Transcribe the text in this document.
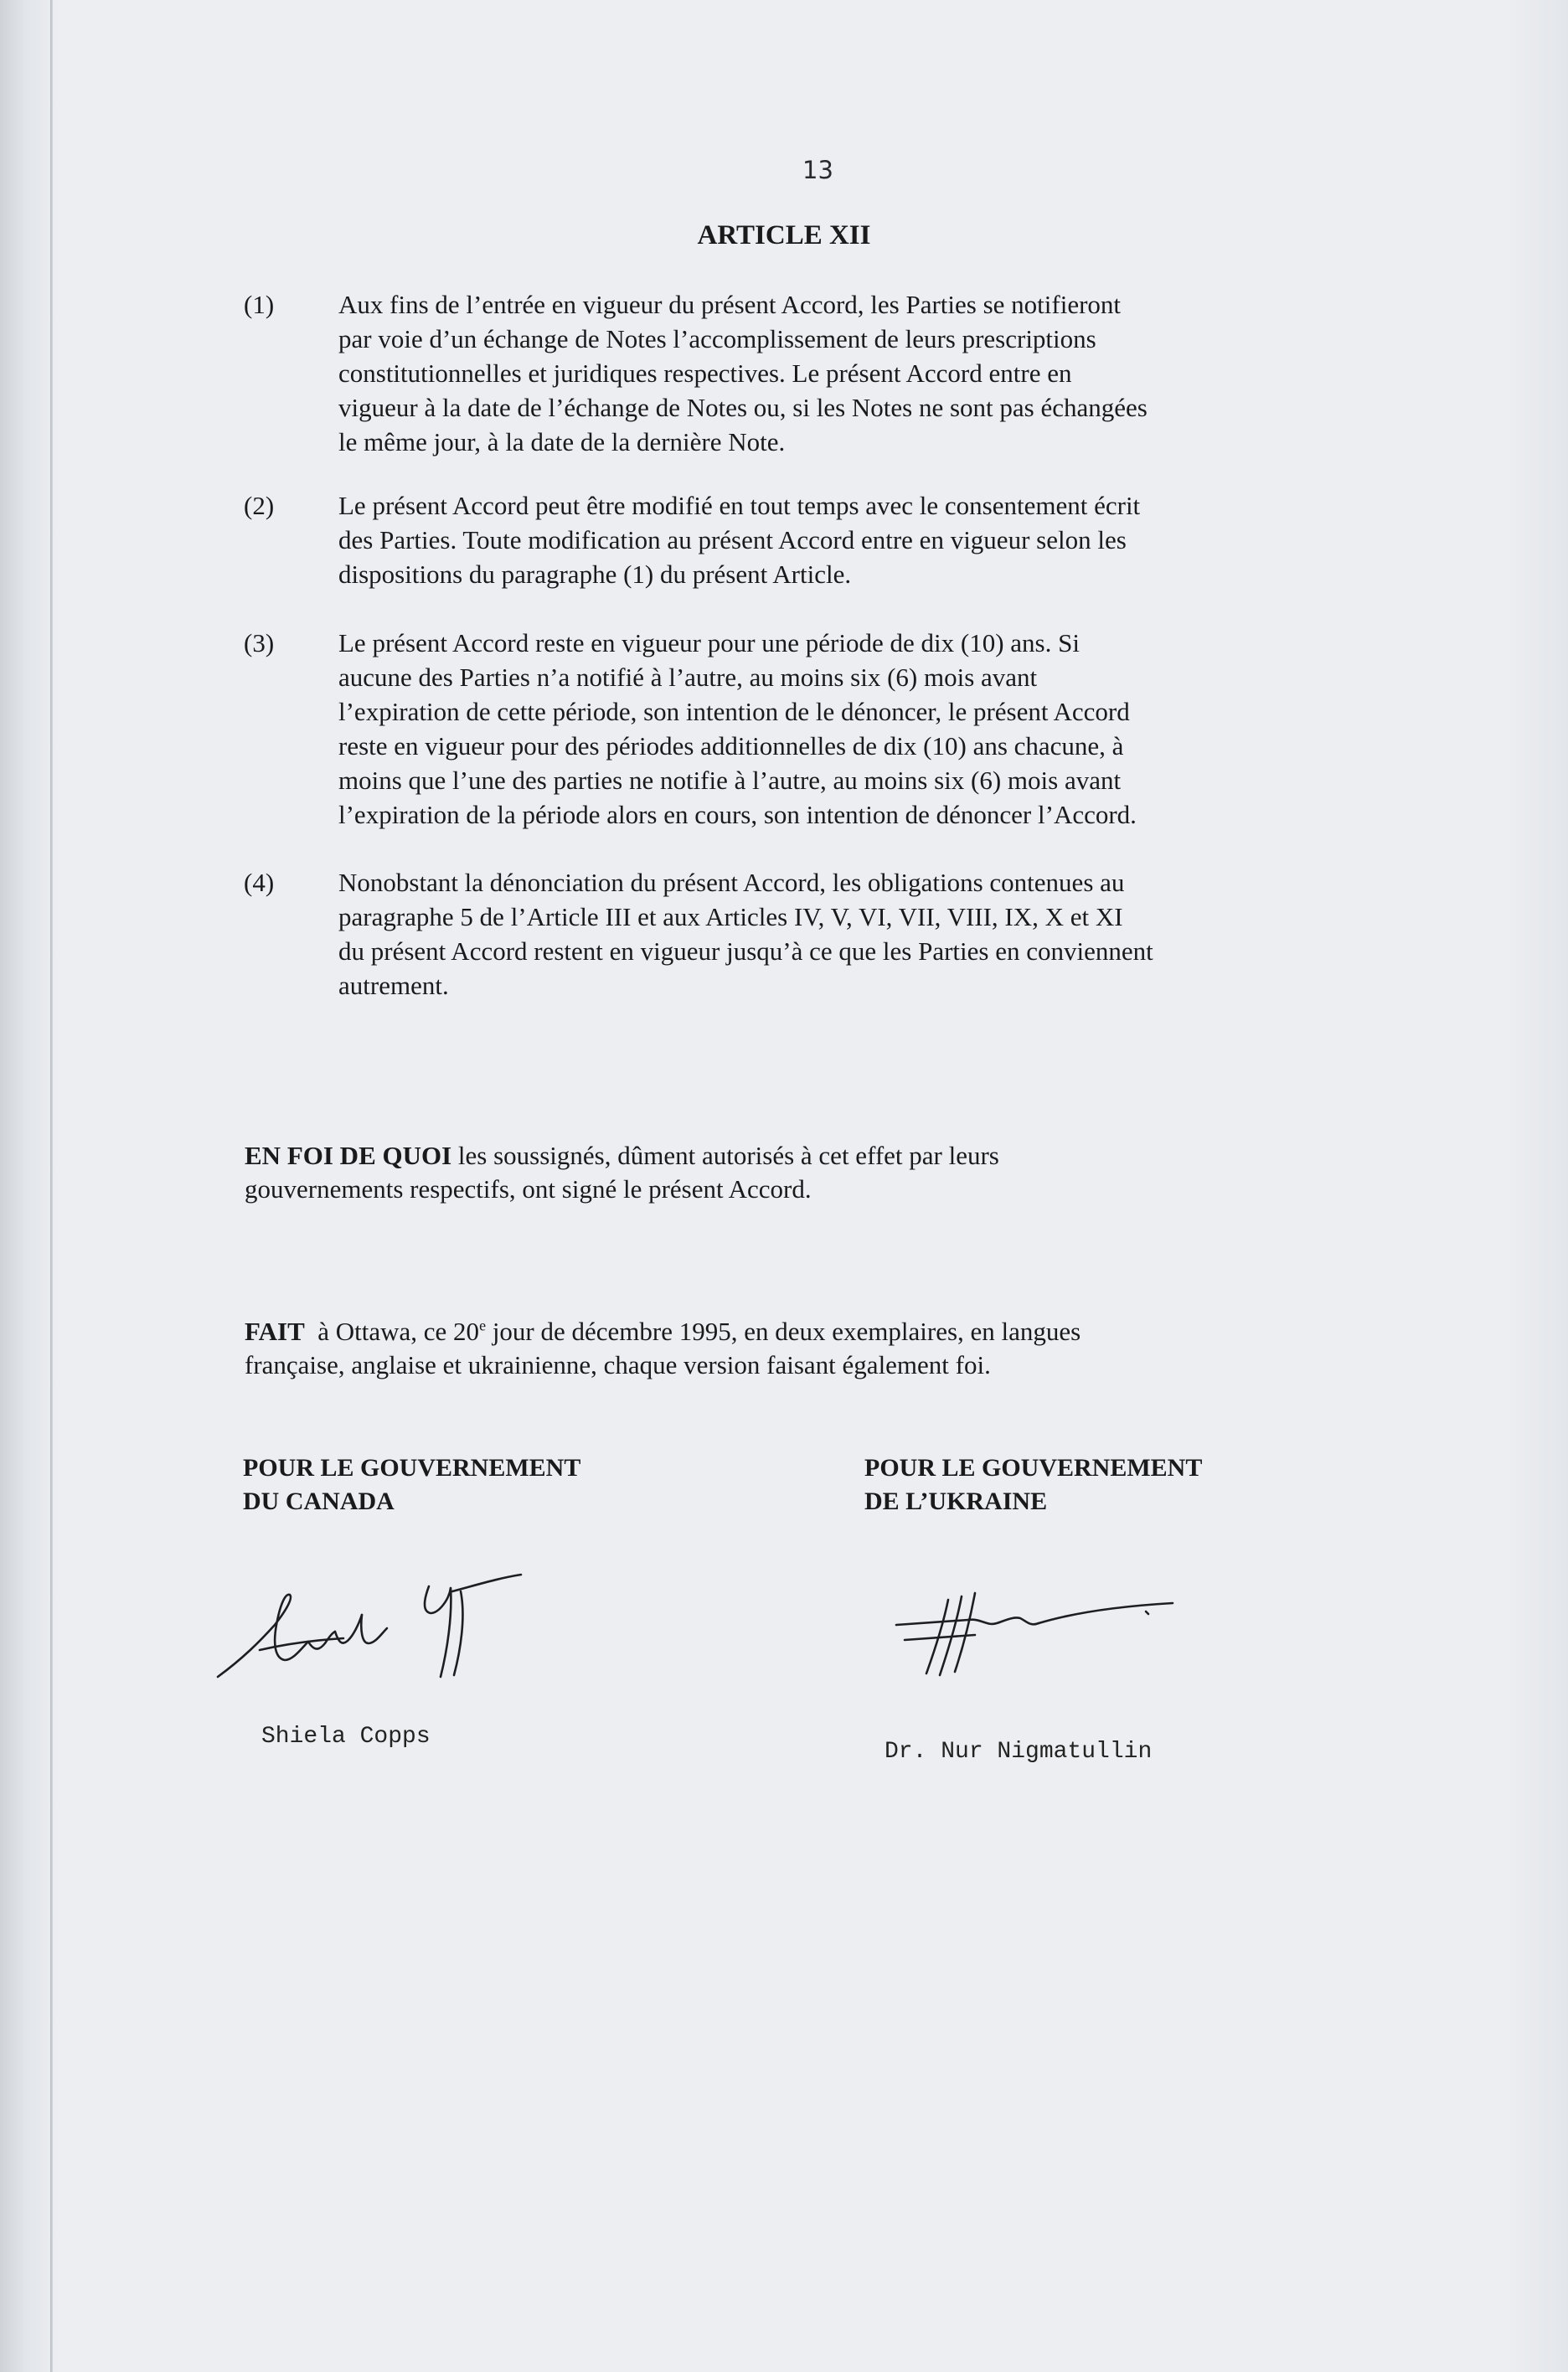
13
ARTICLE XII
(1) Aux fins de l’entrée en vigueur du présent Accord, les Parties se notifieront
par voie d’un échange de Notes l’accomplissement de leurs prescriptions
constitutionnelles et juridiques respectives. Le présent Accord entre en
vigueur à la date de l’échange de Notes ou, si les Notes ne sont pas échangées
le même jour, à la date de la dernière Note.
(2) Le présent Accord peut être modifié en tout temps avec le consentement écrit
des Parties. Toute modification au présent Accord entre en vigueur selon les
dispositions du paragraphe (1) du présent Article.
(3) Le présent Accord reste en vigueur pour une période de dix (10) ans. Si
aucune des Parties n’a notifié à l’autre, au moins six (6) mois avant
l’expiration de cette période, son intention de le dénoncer, le présent Accord
reste en vigueur pour des périodes additionnelles de dix (10) ans chacune, à
moins que l’une des parties ne notifie à l’autre, au moins six (6) mois avant
l’expiration de la période alors en cours, son intention de dénoncer l’Accord.
(4) Nonobstant la dénonciation du présent Accord, les obligations contenues au
paragraphe 5 de l’Article III et aux Articles IV, V, VI, VII, VIII, IX, X et XI
du présent Accord restent en vigueur jusqu’à ce que les Parties en conviennent
autrement.
EN FOI DE QUOI les soussignés, dûment autorisés à cet effet par leurs
gouvernements respectifs, ont signé le présent Accord.
FAIT  à Ottawa, ce 20e jour de décembre 1995, en deux exemplaires, en langues
française, anglaise et ukrainienne, chaque version faisant également foi.
POUR LE GOUVERNEMENT
DU CANADA
POUR LE GOUVERNEMENT
DE L’UKRAINE
Shiela Copps
Dr. Nur Nigmatullin
